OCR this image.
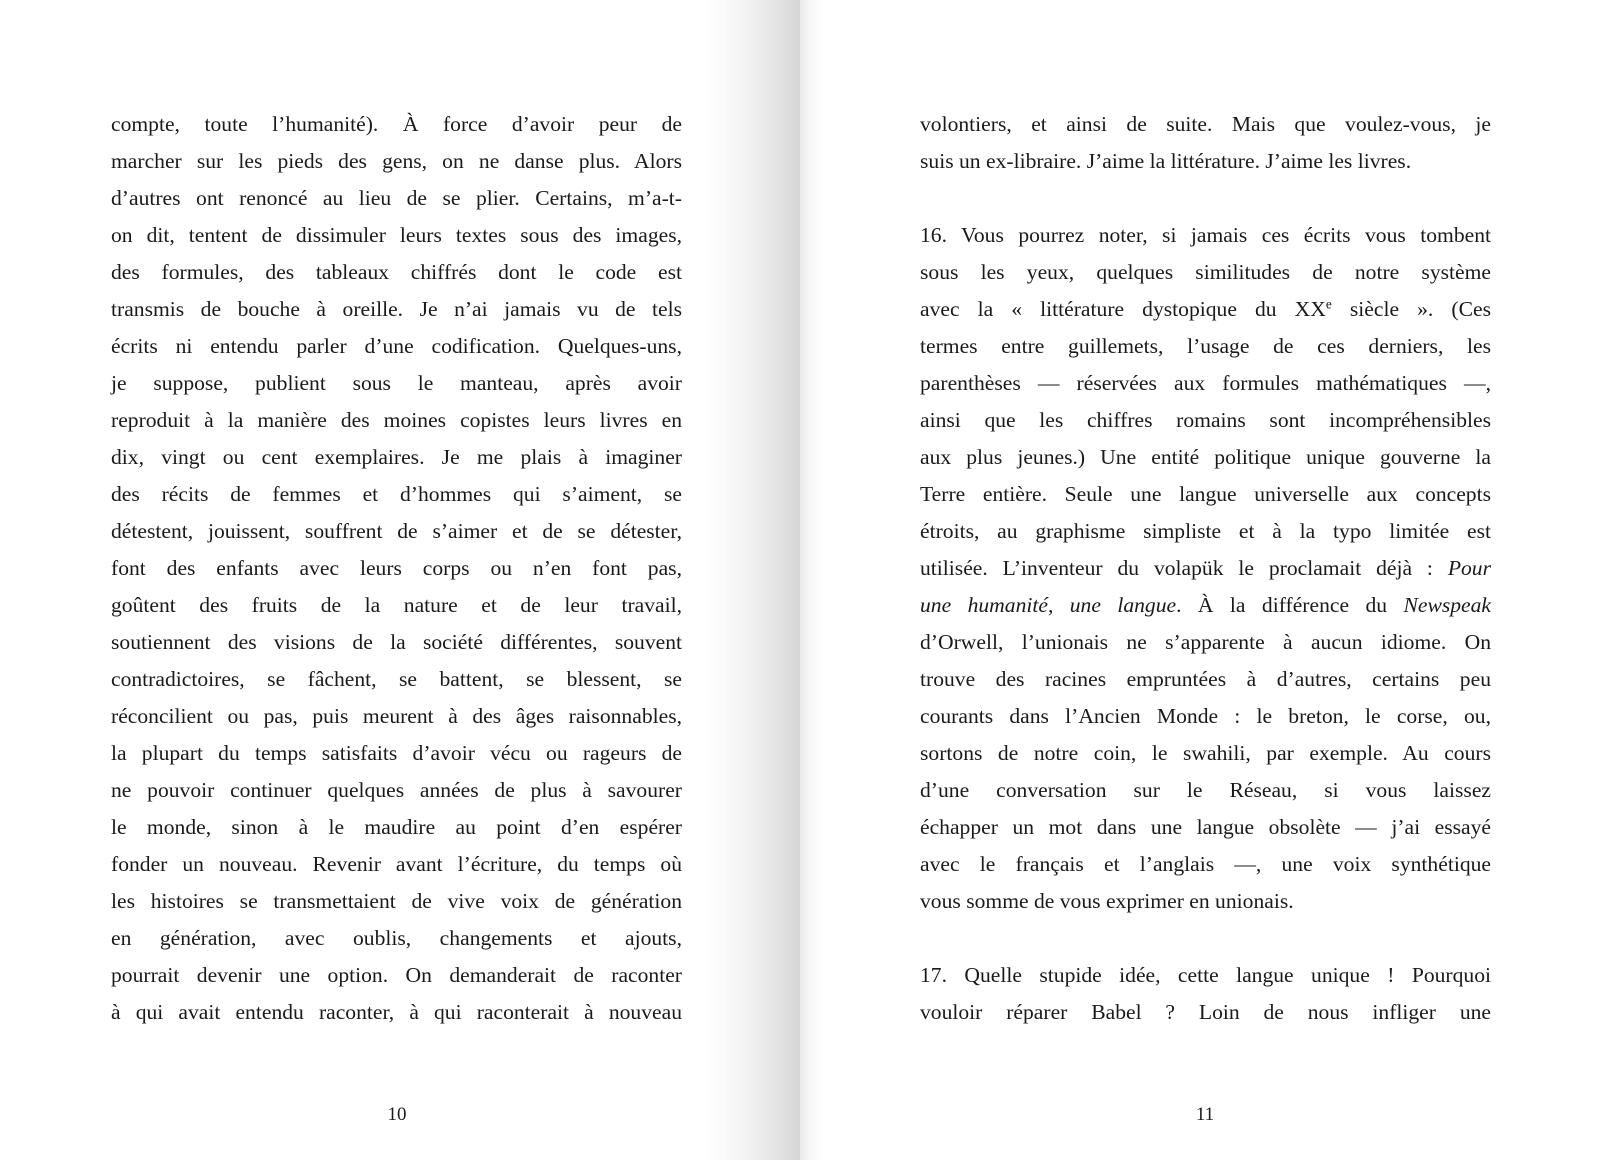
compte, toute l’humanité). À force d’avoir peur de
marcher sur les pieds des gens, on ne danse plus. Alors
d’autres ont renoncé au lieu de se plier. Certains, m’a-t-
on dit, tentent de dissimuler leurs textes sous des images,
des formules, des tableaux chiffrés dont le code est
transmis de bouche à oreille. Je n’ai jamais vu de tels
écrits ni entendu parler d’une codification. Quelques-uns,
je suppose, publient sous le manteau, après avoir
reproduit à la manière des moines copistes leurs livres en
dix, vingt ou cent exemplaires. Je me plais à imaginer
des récits de femmes et d’hommes qui s’aiment, se
détestent, jouissent, souffrent de s’aimer et de se détester,
font des enfants avec leurs corps ou n’en font pas,
goûtent des fruits de la nature et de leur travail,
soutiennent des visions de la société différentes, souvent
contradictoires, se fâchent, se battent, se blessent, se
réconcilient ou pas, puis meurent à des âges raisonnables,
la plupart du temps satisfaits d’avoir vécu ou rageurs de
ne pouvoir continuer quelques années de plus à savourer
le monde, sinon à le maudire au point d’en espérer
fonder un nouveau. Revenir avant l’écriture, du temps où
les histoires se transmettaient de vive voix de génération
en génération, avec oublis, changements et ajouts,
pourrait devenir une option. On demanderait de raconter
à qui avait entendu raconter, à qui raconterait à nouveau
10
volontiers, et ainsi de suite. Mais que voulez-vous, je
suis un ex-libraire. J’aime la littérature. J’aime les livres.
16. Vous pourrez noter, si jamais ces écrits vous tombent
sous les yeux, quelques similitudes de notre système
avec la « littérature dystopique du XXe siècle ». (Ces
termes entre guillemets, l’usage de ces derniers, les
parenthèses — réservées aux formules mathématiques —,
ainsi que les chiffres romains sont incompréhensibles
aux plus jeunes.) Une entité politique unique gouverne la
Terre entière. Seule une langue universelle aux concepts
étroits, au graphisme simpliste et à la typo limitée est
utilisée. L’inventeur du volapük le proclamait déjà : Pour
une humanité, une langue. À la différence du Newspeak
d’Orwell, l’unionais ne s’apparente à aucun idiome. On
trouve des racines empruntées à d’autres, certains peu
courants dans l’Ancien Monde : le breton, le corse, ou,
sortons de notre coin, le swahili, par exemple. Au cours
d’une conversation sur le Réseau, si vous laissez
échapper un mot dans une langue obsolète — j’ai essayé
avec le français et l’anglais —, une voix synthétique
vous somme de vous exprimer en unionais.
17. Quelle stupide idée, cette langue unique ! Pourquoi
vouloir réparer Babel ? Loin de nous infliger une
11
